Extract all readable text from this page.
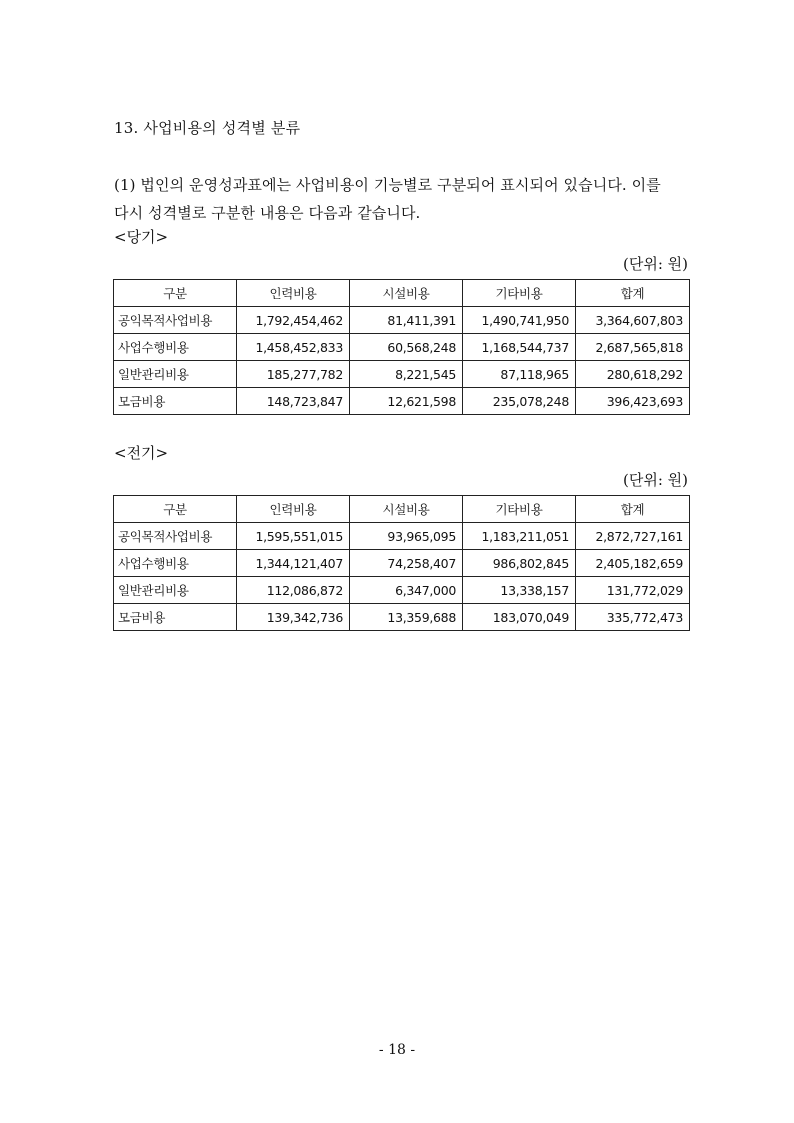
13. 사업비용의 성격별 분류
(1) 법인의 운영성과표에는 사업비용이 기능별로 구분되어 표시되어 있습니다. 이를
다시 성격별로 구분한 내용은 다음과 같습니다.
<당기>
(단위: 원)
구분	인력비용	시설비용	기타비용	합계
공익목적사업비용	1,792,454,462	81,411,391	1,490,741,950	3,364,607,803
사업수행비용	1,458,452,833	60,568,248	1,168,544,737	2,687,565,818
일반관리비용	185,277,782	8,221,545	87,118,965	280,618,292
모금비용	148,723,847	12,621,598	235,078,248	396,423,693
<전기>
(단위: 원)
구분	인력비용	시설비용	기타비용	합계
공익목적사업비용	1,595,551,015	93,965,095	1,183,211,051	2,872,727,161
사업수행비용	1,344,121,407	74,258,407	986,802,845	2,405,182,659
일반관리비용	112,086,872	6,347,000	13,338,157	131,772,029
모금비용	139,342,736	13,359,688	183,070,049	335,772,473
- 18 -
